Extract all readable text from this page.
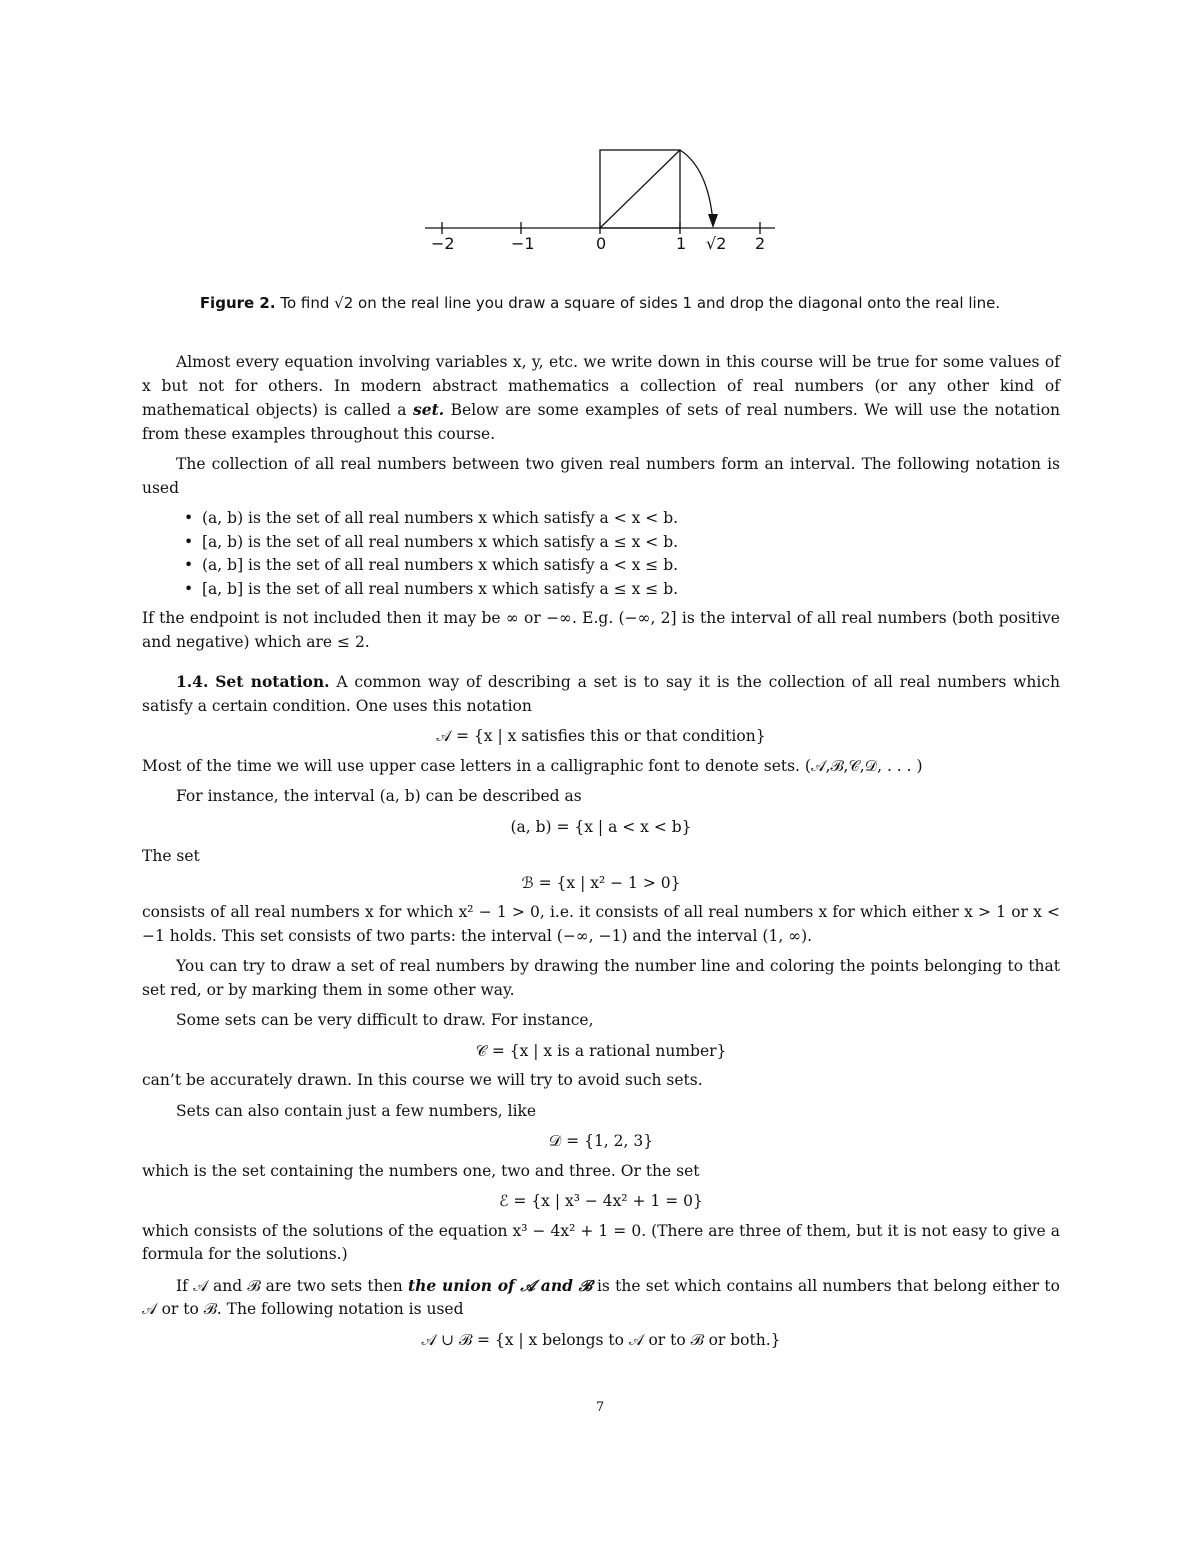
−2	−1	0	1 √2 2
Figure 2. To find √2 on the real line you draw a square of sides 1 and drop the diagonal onto the real line.

Almost every equation involving variables x, y, etc. we write down in this course will be true for some values of x but not for others. In modern abstract mathematics a collection of real numbers (or any other kind of mathematical objects) is called a set. Below are some examples of sets of real numbers. We will use the notation from these examples throughout this course.

The collection of all real numbers between two given real numbers form an interval. The following notation is used

• (a, b) is the set of all real numbers x which satisfy a < x < b.
• [a, b) is the set of all real numbers x which satisfy a ≤ x < b.
• (a, b] is the set of all real numbers x which satisfy a < x ≤ b.
• [a, b] is the set of all real numbers x which satisfy a ≤ x ≤ b.

If the endpoint is not included then it may be ∞ or −∞. E.g. (−∞, 2] is the interval of all real numbers (both positive and negative) which are ≤ 2.

1.4. Set notation. A common way of describing a set is to say it is the collection of all real numbers which satisfy a certain condition. One uses this notation

𝒜 = {x | x satisfies this or that condition}

Most of the time we will use upper case letters in a calligraphic font to denote sets. (𝒜,ℬ,𝒞,𝒟, . . . )

For instance, the interval (a, b) can be described as

(a, b) = {x | a < x < b}

The set

ℬ = {x | x² − 1 > 0}

consists of all real numbers x for which x² − 1 > 0, i.e. it consists of all real numbers x for which either x > 1 or x < −1 holds. This set consists of two parts: the interval (−∞, −1) and the interval (1, ∞).

You can try to draw a set of real numbers by drawing the number line and coloring the points belonging to that set red, or by marking them in some other way.

Some sets can be very difficult to draw. For instance,

𝒞 = {x | x is a rational number}

can’t be accurately drawn. In this course we will try to avoid such sets.

Sets can also contain just a few numbers, like

𝒟 = {1, 2, 3}

which is the set containing the numbers one, two and three. Or the set

ℰ = {x | x³ − 4x² + 1 = 0}

which consists of the solutions of the equation x³ − 4x² + 1 = 0. (There are three of them, but it is not easy to give a formula for the solutions.)

If 𝒜 and ℬ are two sets then the union of 𝒜 and ℬ is the set which contains all numbers that belong either to 𝒜 or to ℬ. The following notation is used

𝒜 ∪ ℬ = {x | x belongs to 𝒜 or to ℬ or both.}
7
